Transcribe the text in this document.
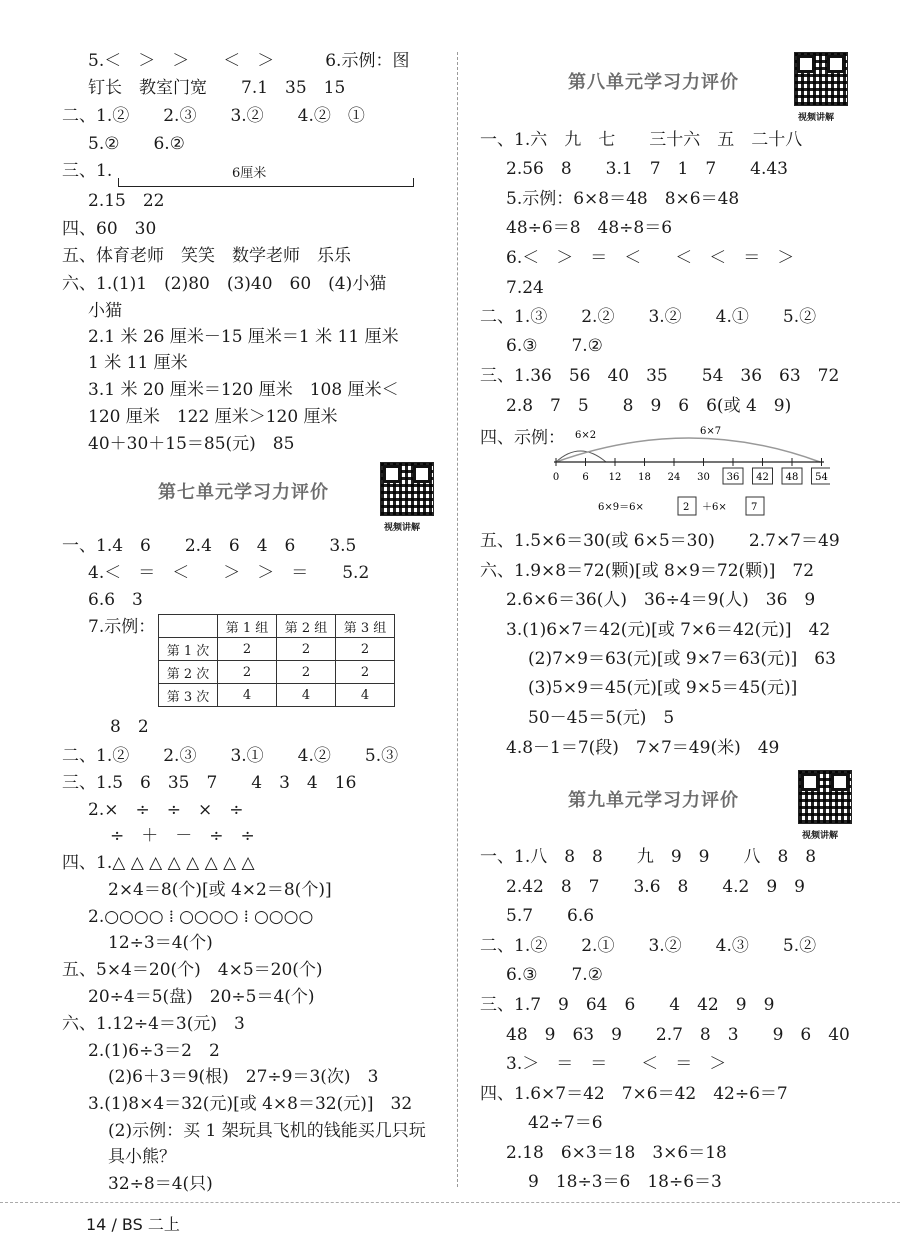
6厘米
第七单元学习力评价
视频讲解
	第 1 组	第 2 组	第 3 组
第 1 次	2	2	2
第 2 次	2	2	2
第 3 次	4	4	4
第八单元学习力评价
视频讲解
第九单元学习力评价
视频讲解
6×2	6×7
0 6 12 18 24 30 36 42 48 54
6×9＝6×	2 ＋6× 7
14 / BS 二上
5.＜　＞　＞　　＜　＞　　　6.示例：图
钉长　教室门宽　　7.1　35　15
二、1.②　　2.③　　3.②　　4.②　①
5.②　　6.②
三、1.
2.15　22
四、60　30
五、体育老师　笑笑　数学老师　乐乐
六、1.(1)1　(2)80　(3)40　60　(4)小猫
小猫
2.1 米 26 厘米－15 厘米＝1 米 11 厘米
1 米 11 厘米
3.1 米 20 厘米＝120 厘米　108 厘米＜
120 厘米　122 厘米＞120 厘米
40＋30＋15＝85(元)　85
一、1.4　6　　2.4　6　4　6　　3.5
4.＜　＝　＜　　＞　＞　＝　　5.2
6.6　3
7.示例：
8　2
二、1.②　　2.③　　3.①　　4.②　　5.③
三、1.5　6　35　7　　4　3　4　16
2.×　÷　÷　×　÷
÷　＋　－　÷　÷
四、1.△ △ △ △ △ △ △ △
2×4＝8(个)[或 4×2＝8(个)]
2.○○○○ ⁞ ○○○○ ⁞ ○○○○
12÷3＝4(个)
五、5×4＝20(个)　4×5＝20(个)
20÷4＝5(盘)　20÷5＝4(个)
六、1.12÷4＝3(元)　3
2.(1)6÷3＝2　2
(2)6＋3＝9(根)　27÷9＝3(次)　3
3.(1)8×4＝32(元)[或 4×8＝32(元)]　32
(2)示例：买 1 架玩具飞机的钱能买几只玩
具小熊？
32÷8＝4(只)
一、1.六　九　七　　三十六　五　二十八
2.56　8　　3.1　7　1　7　　4.43
5.示例：6×8＝48　8×6＝48
48÷6＝8　48÷8＝6
6.＜　＞　＝　＜　　＜　＜　＝　＞
7.24
二、1.③　　2.②　　3.②　　4.①　　5.②
6.③　　7.②
三、1.36　56　40　35　　54　36　63　72
2.8　7　5　　8　9　6　6(或 4　9)
四、示例：
五、1.5×6＝30(或 6×5＝30)　　2.7×7＝49
六、1.9×8＝72(颗)[或 8×9＝72(颗)]　72
2.6×6＝36(人)　36÷4＝9(人)　36　9
3.(1)6×7＝42(元)[或 7×6＝42(元)]　42
(2)7×9＝63(元)[或 9×7＝63(元)]　63
(3)5×9＝45(元)[或 9×5＝45(元)]
50－45＝5(元)　5
4.8－1＝7(段)　7×7＝49(米)　49
一、1.八　8　8　　九　9　9　　八　8　8
2.42　8　7　　3.6　8　　4.2　9　9
5.7　　6.6
二、1.②　　2.①　　3.②　　4.③　　5.②
6.③　　7.②
三、1.7　9　64　6　　4　42　9　9
48　9　63　9　　2.7　8　3　　9　6　40
3.＞　＝　＝　　＜　＝　＞
四、1.6×7＝42　7×6＝42　42÷6＝7
42÷7＝6
2.18　6×3＝18　3×6＝18
9　18÷3＝6　18÷6＝3
